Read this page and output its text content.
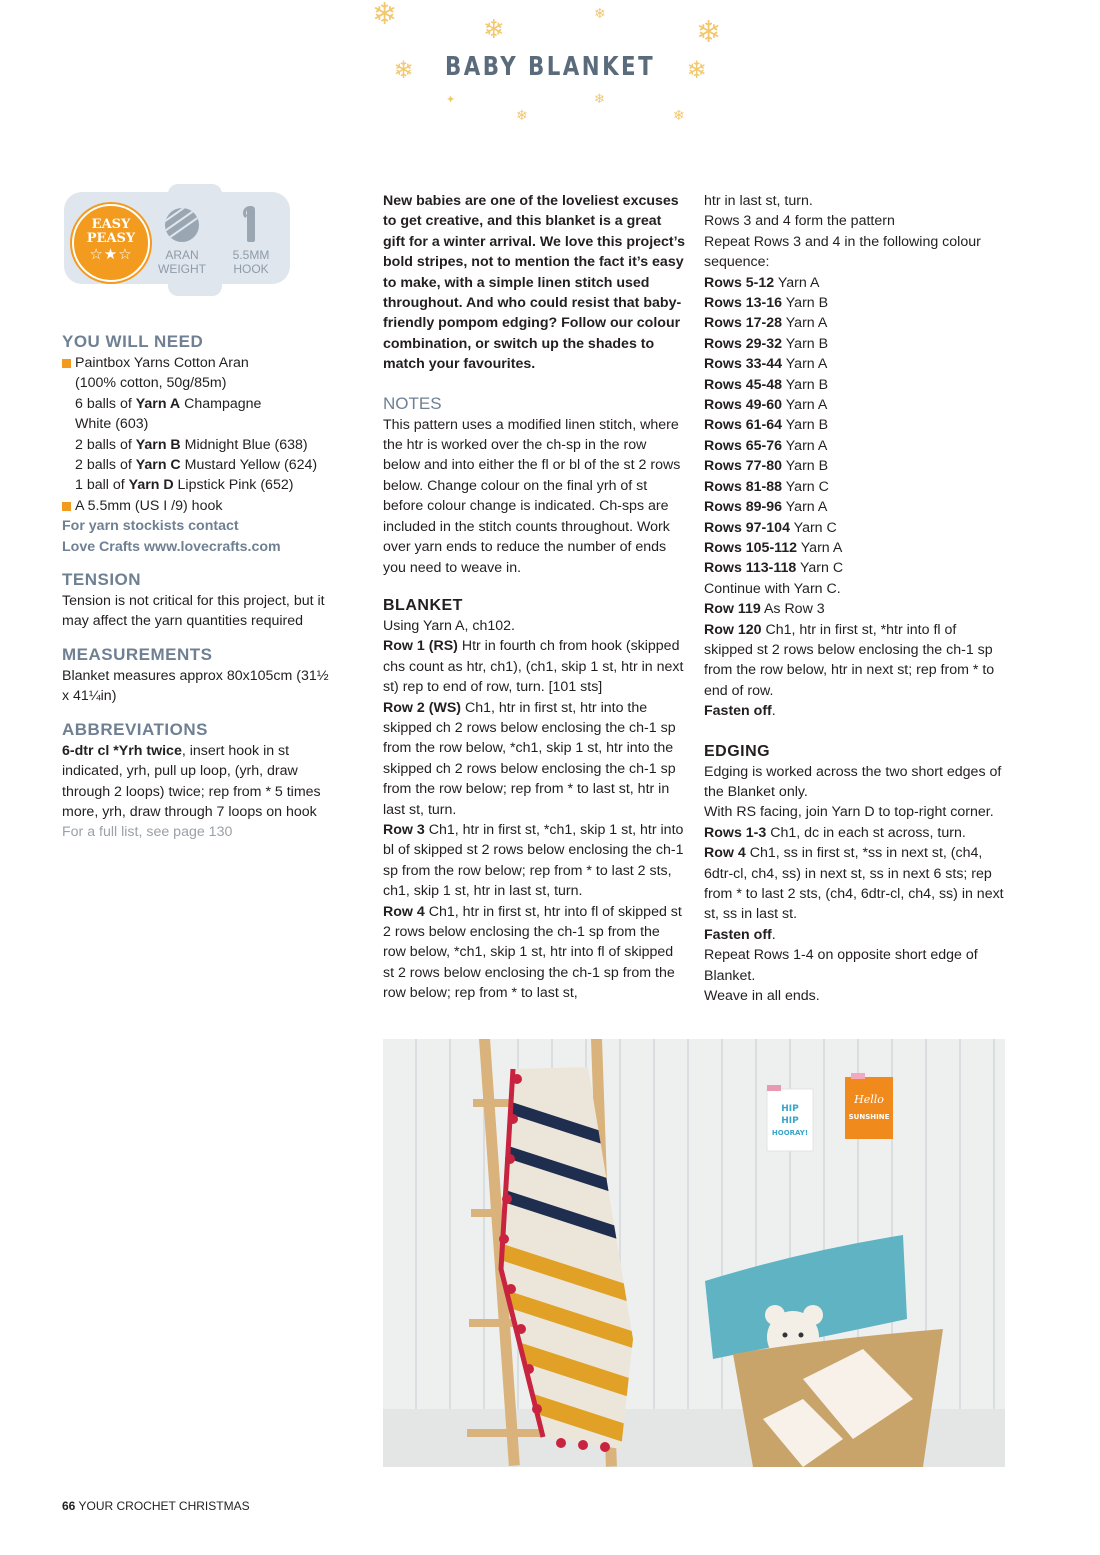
❄	❄
❄
❄
✦
❄
❄
❄
❄ BABY BLANKET ❄
EASY
PEASY
☆★☆	ARAN
WEIGHT
5.5MM
HOOK
YOU WILL NEED
Paintbox Yarns Cotton Aran
(100% cotton, 50g/85m)
6 balls of Yarn A Champagne
White (603)
2 balls of Yarn B Midnight Blue (638)
2 balls of Yarn C Mustard Yellow (624)
1 ball of Yarn D Lipstick Pink (652)
A 5.5mm (US I /9) hook
For yarn stockists contact
Love Crafts www.lovecrafts.com
TENSION

Tension is not critical for this project, but it may affect the yarn quantities required

MEASUREMENTS

Blanket measures approx 80x105cm (31½ x 41¼in)

ABBREVIATIONS

6-dtr cl *Yrh twice, insert hook in st indicated, yrh, pull up loop, (yrh, draw through 2 loops) twice; rep from * 5 times more, yrh, draw through 7 loops on hook

For a full list, see page 130

New babies are one of the loveliest excuses to get creative, and this blanket is a great gift for a winter arrival. We love this project’s bold stripes, not to mention the fact it’s easy to make, with a simple linen stitch used throughout. And who could resist that baby-friendly pompom edging? Follow our colour combination, or switch up the shades to match your favourites.

NOTES

This pattern uses a modified linen stitch, where the htr is worked over the ch-sp in the row below and into either the fl or bl of the st 2 rows below. Change colour on the final yrh of st before colour change is indicated. Ch-sps are included in the stitch counts throughout. Work over yarn ends to reduce the number of ends you need to weave in.

BLANKET

Using Yarn A, ch102.

Row 1 (RS) Htr in fourth ch from hook (skipped chs count as htr, ch1), (ch1, skip 1 st, htr in next st) rep to end of row, turn. [101 sts]

Row 2 (WS) Ch1, htr in first st, htr into the skipped ch 2 rows below enclosing the ch-1 sp from the row below, *ch1, skip 1 st, htr into the skipped ch 2 rows below enclosing the ch-1 sp from the row below; rep from * to last st, htr in last st, turn.

Row 3 Ch1, htr in first st, *ch1, skip 1 st, htr into bl of skipped st 2 rows below enclosing the ch-1 sp from the row below; rep from * to last 2 sts, ch1, skip 1 st, htr in last st, turn.

Row 4 Ch1, htr in first st, htr into fl of skipped st 2 rows below enclosing the ch-1 sp from the row below, *ch1, skip 1 st, htr into fl of skipped st 2 rows below enclosing the ch-1 sp from the row below; rep from * to last st,

htr in last st, turn.

Rows 3 and 4 form the pattern

Repeat Rows 3 and 4 in the following colour sequence:

Rows 5-12 Yarn A

Rows 13-16 Yarn B

Rows 17-28 Yarn A

Rows 29-32 Yarn B

Rows 33-44 Yarn A

Rows 45-48 Yarn B

Rows 49-60 Yarn A

Rows 61-64 Yarn B

Rows 65-76 Yarn A

Rows 77-80 Yarn B

Rows 81-88 Yarn C

Rows 89-96 Yarn A

Rows 97-104 Yarn C

Rows 105-112 Yarn A

Rows 113-118 Yarn C

Continue with Yarn C.

Row 119 As Row 3

Row 120 Ch1, htr in first st, *htr into fl of skipped st 2 rows below enclosing the ch-1 sp from the row below, htr in next st; rep from * to end of row.

Fasten off.

EDGING

Edging is worked across the two short edges of the Blanket only.

With RS facing, join Yarn D to top-right corner.

Rows 1-3 Ch1, dc in each st across, turn.

Row 4 Ch1, ss in first st, *ss in next st, (ch4, 6dtr-cl, ch4, ss) in next st, ss in next 6 sts; rep from * to last 2 sts, (ch4, 6dtr-cl, ch4, ss) in next st, ss in last st.

Fasten off.

Repeat Rows 1-4 on opposite short edge of Blanket.

Weave in all ends.

HIP
HIP
HOORAY!
Hello
SUNSHINE
66 YOUR CROCHET CHRISTMAS
